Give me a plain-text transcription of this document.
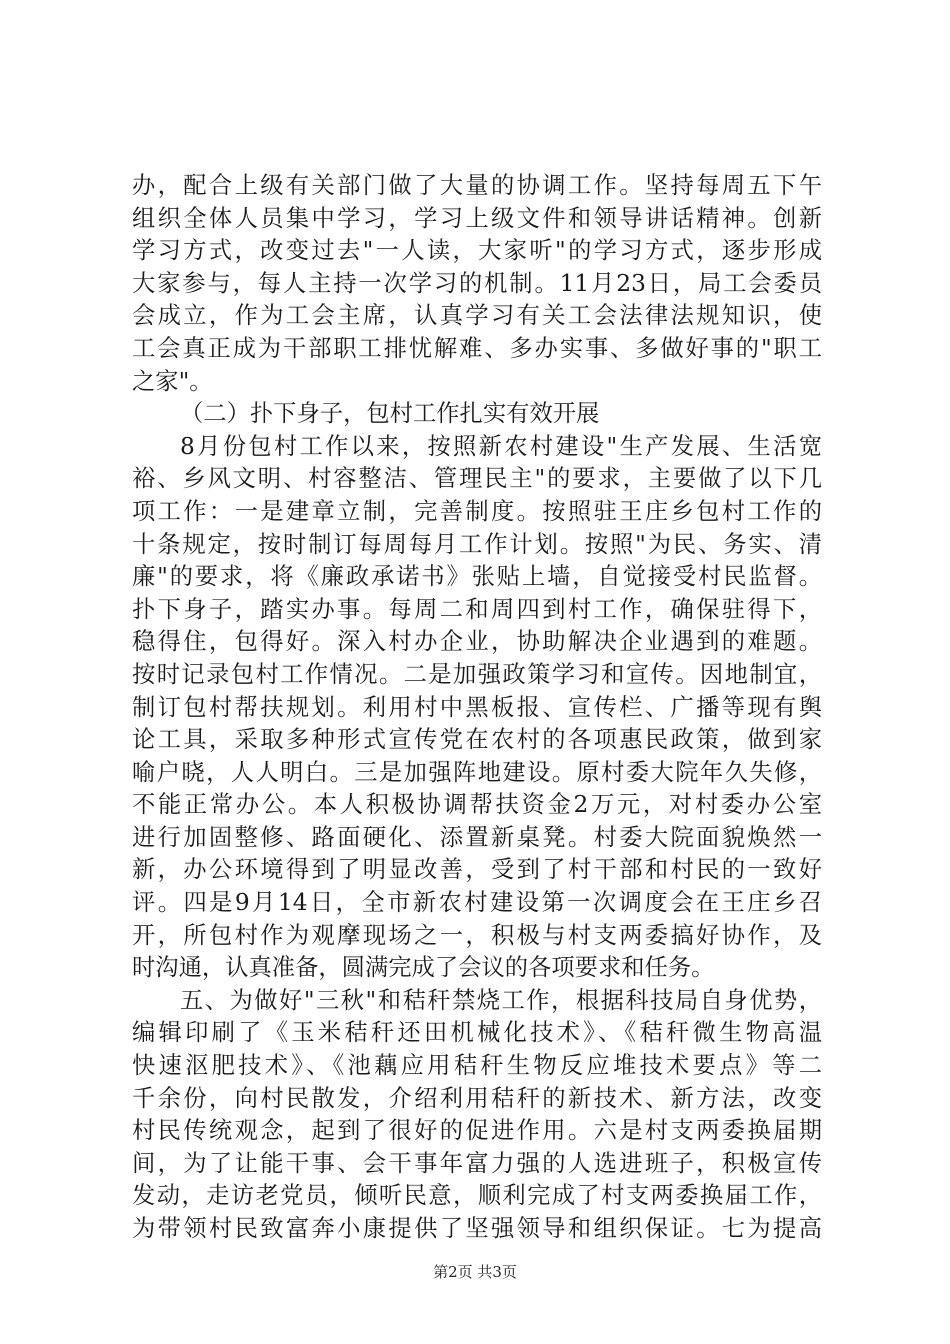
办，配合上级有关部门做了大量的协调工作。坚持每周五下午
组织全体人员集中学习，学习上级文件和领导讲话精神。创新
学习方式，改变过去"一人读，大家听"的学习方式，逐步形成
大家参与，每人主持一次学习的机制。11月23日，局工会委员
会成立，作为工会主席，认真学习有关工会法律法规知识，使
工会真正成为干部职工排忧解难、多办实事、多做好事的"职工
之家"。
（二）扑下身子，包村工作扎实有效开展
8月份包村工作以来，按照新农村建设"生产发展、生活宽
裕、乡风文明、村容整洁、管理民主"的要求，主要做了以下几
项工作：一是建章立制，完善制度。按照驻王庄乡包村工作的
十条规定，按时制订每周每月工作计划。按照"为民、务实、清
廉"的要求，将《廉政承诺书》张贴上墙，自觉接受村民监督。
扑下身子，踏实办事。每周二和周四到村工作，确保驻得下，
稳得住，包得好。深入村办企业，协助解决企业遇到的难题。
按时记录包村工作情况。二是加强政策学习和宣传。因地制宜，
制订包村帮扶规划。利用村中黑板报、宣传栏、广播等现有舆
论工具，采取多种形式宣传党在农村的各项惠民政策，做到家
喻户晓，人人明白。三是加强阵地建设。原村委大院年久失修，
不能正常办公。本人积极协调帮扶资金2万元，对村委办公室
进行加固整修、路面硬化、添置新桌凳。村委大院面貌焕然一
新，办公环境得到了明显改善，受到了村干部和村民的一致好
评。四是9月14日，全市新农村建设第一次调度会在王庄乡召
开，所包村作为观摩现场之一，积极与村支两委搞好协作，及
时沟通，认真准备，圆满完成了会议的各项要求和任务。
五、为做好"三秋"和秸秆禁烧工作，根据科技局自身优势，
编辑印刷了《玉米秸秆还田机械化技术》、《秸秆微生物高温
快速沤肥技术》、《池藕应用秸秆生物反应堆技术要点》等二
千余份，向村民散发，介绍利用秸秆的新技术、新方法，改变
村民传统观念，起到了很好的促进作用。六是村支两委换届期
间，为了让能干事、会干事年富力强的人选进班子，积极宣传
发动，走访老党员，倾听民意，顺利完成了村支两委换届工作，
为带领村民致富奔小康提供了坚强领导和组织保证。七为提高
第2页 共3页
